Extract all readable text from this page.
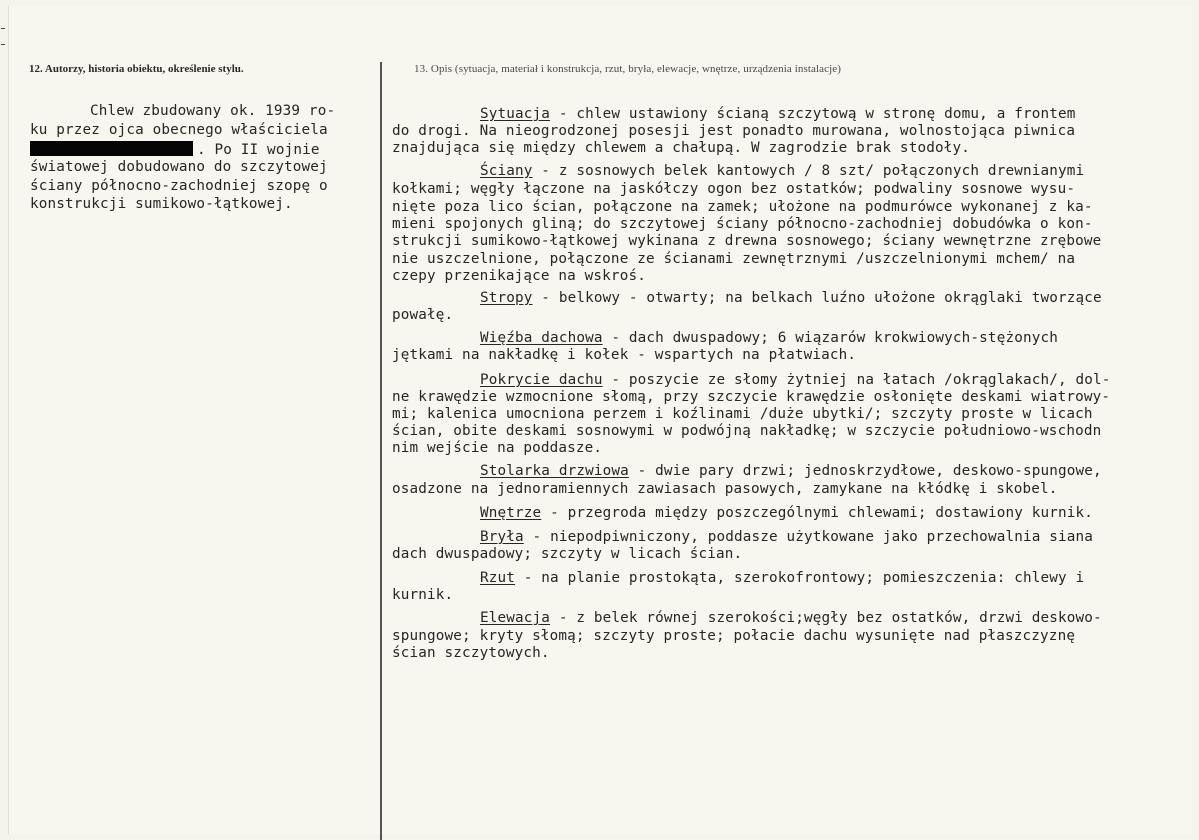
12. Autorzy, historia obiektu, określenie stylu.	13. Opis (sytuacja, materiał i konstrukcja, rzut, bryła, elewacje, wnętrze, urządzenia instalacje)
Chlew zbudowany ok. 1939 ro-
ku przez ojca obecnego właściciela
. Po II wojnie
światowej dobudowano do szczytowej
ściany północno-zachodniej szopę o
konstrukcji sumikowo-łątkowej.
Sytuacja - chlew ustawiony ścianą szczytową w stronę domu, a frontem
do drogi. Na nieogrodzonej posesji jest ponadto murowana, wolnostojąca piwnica
znajdująca się między chlewem a chałupą. W zagrodzie brak stodoły.
Ściany - z sosnowych belek kantowych / 8 szt/ połączonych drewnianymi
kołkami; węgły łączone na jaskółczy ogon bez ostatków; podwaliny sosnowe wysu-
nięte poza lico ścian, połączone na zamek; ułożone na podmurówce wykonanej z ka-
mieni spojonych gliną; do szczytowej ściany północno-zachodniej dobudówka o kon-
strukcji sumikowo-łątkowej wykinana z drewna sosnowego; ściany wewnętrzne zrębowe
nie uszczelnione, połączone ze ścianami zewnętrznymi /uszczelnionymi mchem/ na
czepy przenikające na wskroś.
Stropy - belkowy - otwarty; na belkach luźno ułożone okrąglaki tworzące
powałę.
Więźba dachowa - dach dwuspadowy; 6 wiązarów krokwiowych-stężonych
jętkami na nakładkę i kołek - wspartych na płatwiach.
Pokrycie dachu - poszycie ze słomy żytniej na łatach /okrąglakach/, dol-
ne krawędzie wzmocnione słomą, przy szczycie krawędzie osłonięte deskami wiatrowy-
mi; kalenica umocniona perzem i koźlinami /duże ubytki/; szczyty proste w licach
ścian, obite deskami sosnowymi w podwójną nakładkę; w szczycie południowo-wschodn
nim wejście na poddasze.
Stolarka drzwiowa - dwie pary drzwi; jednoskrzydłowe, deskowo-spungowe,
osadzone na jednoramiennych zawiasach pasowych, zamykane na kłódkę i skobel.
Wnętrze - przegroda między poszczególnymi chlewami; dostawiony kurnik.
Bryła - niepodpiwniczony, poddasze użytkowane jako przechowalnia siana
dach dwuspadowy; szczyty w licach ścian.
Rzut - na planie prostokąta, szerokofrontowy; pomieszczenia: chlewy i
kurnik.
Elewacja - z belek równej szerokości;węgły bez ostatków, drzwi deskowo-
spungowe; kryty słomą; szczyty proste; połacie dachu wysunięte nad płaszczyznę
ścian szczytowych.
